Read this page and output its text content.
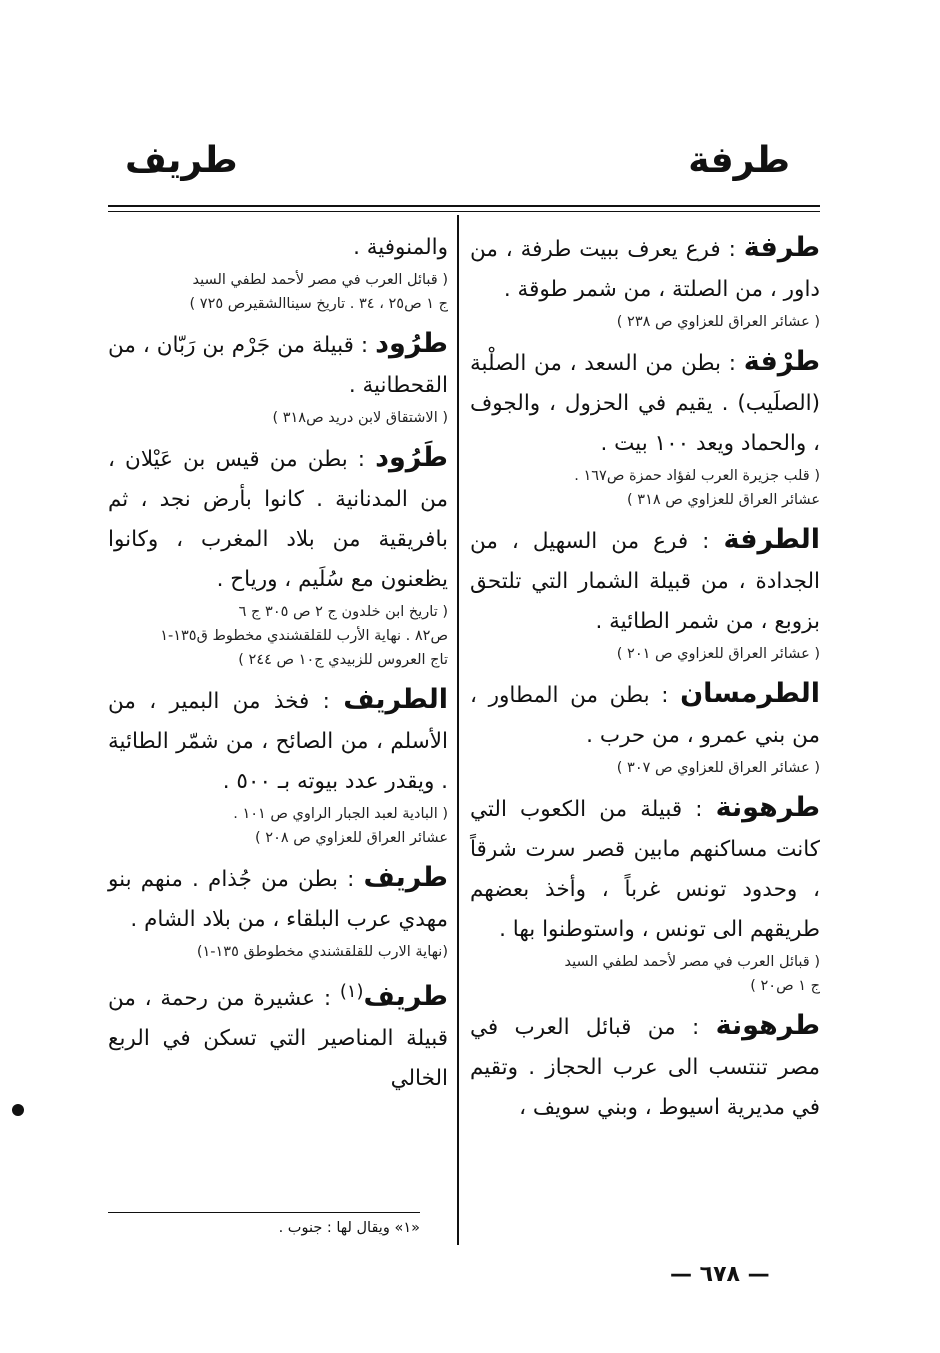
طرفة
طريف

طرفة : فرع يعرف ببيت طرفة ، من داور ، من الصلتة ، من شمر طوقة .

( عشائر العراق للعزاوي ص ٢٣٨ )

طرْفة : بطن من السعد ، من الصلْبة (الصلَيب) . يقيم في الحزول ، والجوف ، والحماد ويعد ١٠٠ بيت .

( قلب جزيرة العرب لفؤاد حمزة ص١٦٧ .

عشائر العراق للعزاوي ص ٣١٨ )

الطرفة : فرع من السهيل ، من الجدادة ، من قبيلة الشمار التي تلتحق بزوبع ، من شمر الطائية .

( عشائر العراق للعزاوي ص ٢٠١ )

الطرمسان : بطن من المطاور ، من بني عمرو ، من حرب .

( عشائر العراق للعزاوي ص ٣٠٧ )

طرهونة : قبيلة من الكعوب التي كانت مساكنهم مابين قصر سرت شرقاً ، وحدود تونس غرباً ، وأخذ بعضهم طريقهم الى تونس ، واستوطنوا بها .

( قبائل العرب في مصر لأحمد لطفي السيد

ج ١ ص٢٠ )

طرهونة : من قبائل العرب في مصر تنتسب الى عرب الحجاز . وتقيم في مديرية اسيوط ، وبني سويف ،

والمنوفية .

( قبائل العرب في مصر لأحمد لطفي السيد

ج ١ ص٢٥ ، ٣٤ . تاريخ سيناالشقيرص ٧٢٥ )

طرُود : قبيلة من جَرْم بن رَبّان ، من القحطانية .

( الاشتقاق لابن دريد ص٣١٨ )

طَرُود : بطن من قيس بن عَيْلان ، من المدنانية . كانوا بأرض نجد ، ثم بافريقية من بلاد المغرب ، وكانوا يظعنون مع سُلَيم ، ورياح .

( تاريخ ابن خلدون ج ٢ ص ٣٠٥ ج ٦

ص٨٢ . نهاية الأرب للقلقشندي مخطوط ق١٣٥-١

تاج العروس للزبيدي ج١٠ ص ٢٤٤ )

الطريف : فخذ من البمير ، من الأسلم ، من الصائح ، من شمّر الطائية . ويقدر عدد بيوته بـ ٥٠٠ .

( البادية لعبد الجبار الراوي ص ١٠١ .

عشائر العراق للعزاوي ص ٢٠٨ )

طريف : بطن من جُذام . منهم بنو مهدي عرب البلقاء ، من بلاد الشام .

(نهاية الارب للقلقشندي مخطوطق ١٣٥-١)

طريف$^{(١)}$ : عشيرة من رحمة ، من قبيلة المناصير التي تسكن في الربع الخالي

«١» ويقال لها : جنوب .
— ٦٧٨ —
